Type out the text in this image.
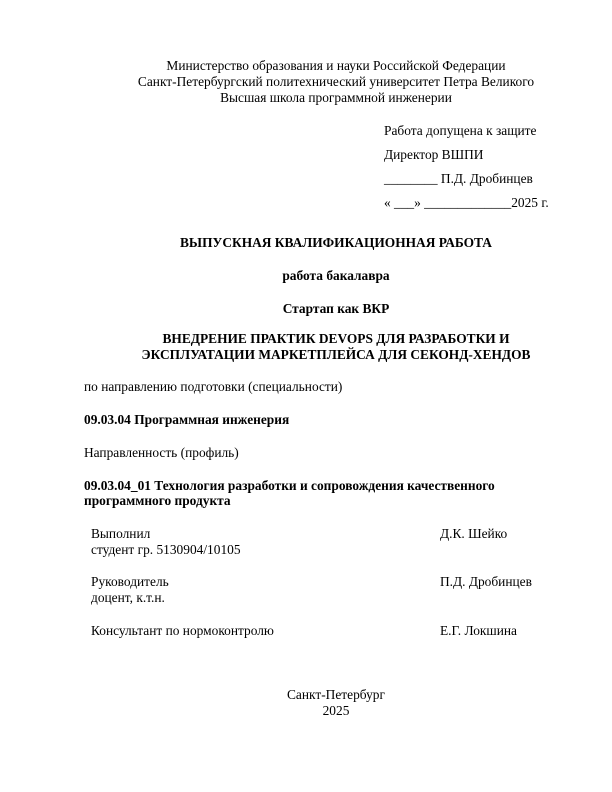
Министерство образования и науки Российской Федерации
Санкт-Петербургский политехнический университет Петра Великого
Высшая школа программной инженерии
Работа допущена к защите
Директор ВШПИ
________ П.Д. Дробинцев
« ___» _____________2025 г.
ВЫПУСКНАЯ КВАЛИФИКАЦИОННАЯ РАБОТА
работа бакалавра
Стартап как ВКР
ВНЕДРЕНИЕ ПРАКТИК DEVOPS ДЛЯ РАЗРАБОТКИ И
ЭКСПЛУАТАЦИИ МАРКЕТПЛЕЙСА ДЛЯ СЕКОНД-ХЕНДОВ
по направлению подготовки (специальности)
09.03.04 Программная инженерия
Направленность (профиль)
09.03.04_01 Технология разработки и сопровождения качественного
программного продукта
Выполнил
студент гр. 5130904/10105
Д.К. Шейко
Руководитель
доцент, к.т.н.
П.Д. Дробинцев
Консультант по нормоконтролю	Е.Г. Локшина
Санкт-Петербург
2025
